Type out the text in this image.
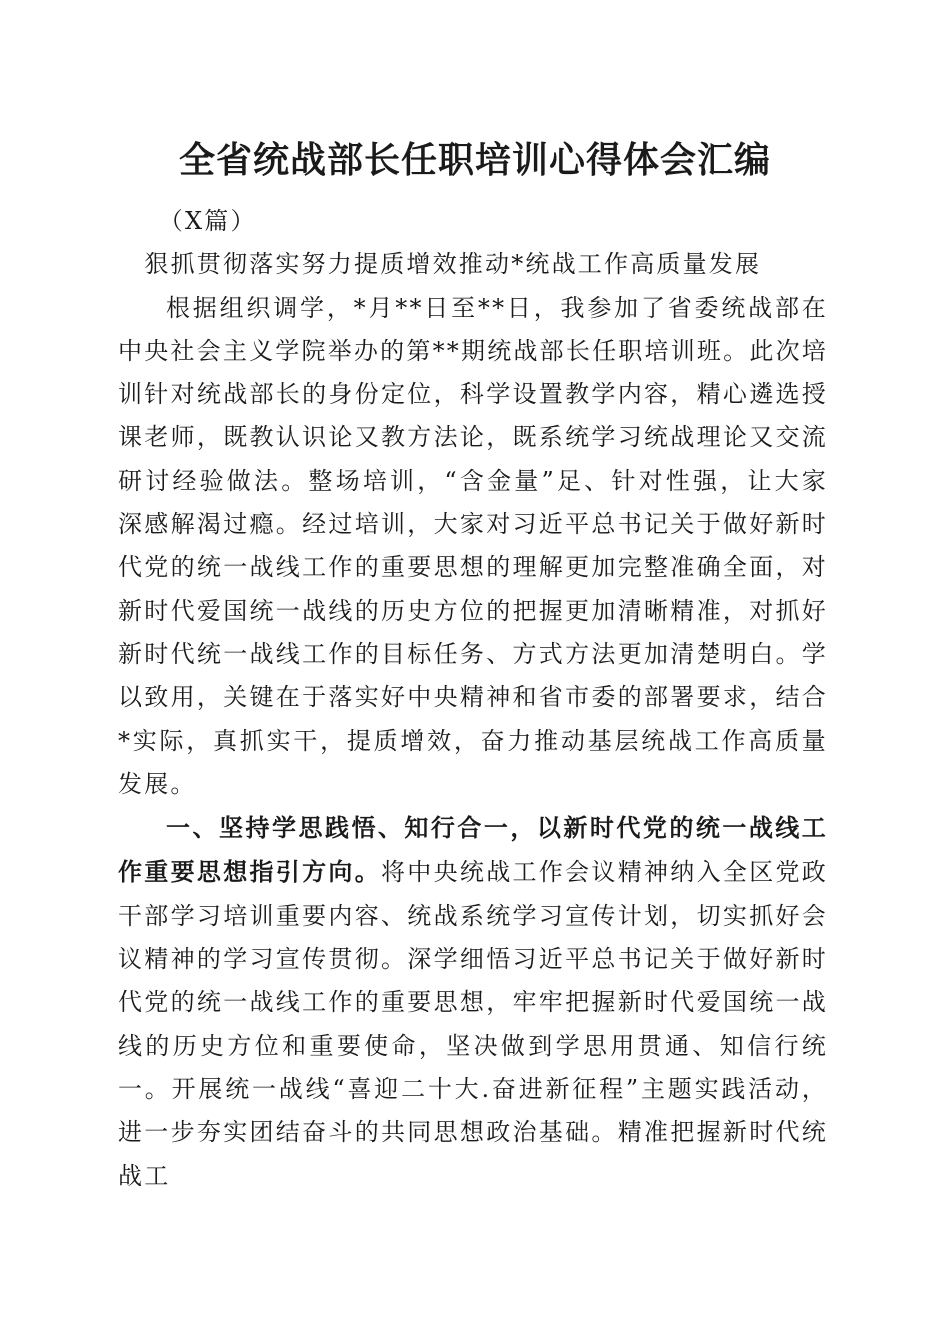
全省统战部长任职培训心得体会汇编

（X篇）

狠抓贯彻落实努力提质增效推动*统战工作高质量发展

根据组织调学，*月**日至**日，我参加了省委统战部在中央社会主义学院举办的第**期统战部长任职培训班。此次培训针对统战部长的身份定位，科学设置教学内容，精心遴选授课老师，既教认识论又教方法论，既系统学习统战理论又交流研讨经验做法。整场培训，“含金量”足、针对性强，让大家深感解渴过瘾。经过培训，大家对习近平总书记关于做好新时代党的统一战线工作的重要思想的理解更加完整准确全面，对新时代爱国统一战线的历史方位的把握更加清晰精准，对抓好新时代统一战线工作的目标任务、方式方法更加清楚明白。学以致用，关键在于落实好中央精神和省市委的部署要求，结合*实际，真抓实干，提质增效，奋力推动基层统战工作高质量发展。

一、坚持学思践悟、知行合一，以新时代党的统一战线工作重要思想指引方向。将中央统战工作会议精神纳入全区党政干部学习培训重要内容、统战系统学习宣传计划，切实抓好会议精神的学习宣传贯彻。深学细悟习近平总书记关于做好新时代党的统一战线工作的重要思想，牢牢把握新时代爱国统一战线的历史方位和重要使命，坚决做到学思用贯通、知信行统一。开展统一战线“喜迎二十大.奋进新征程”主题实践活动，进一步夯实团结奋斗的共同思想政治基础。精准把握新时代统战工
